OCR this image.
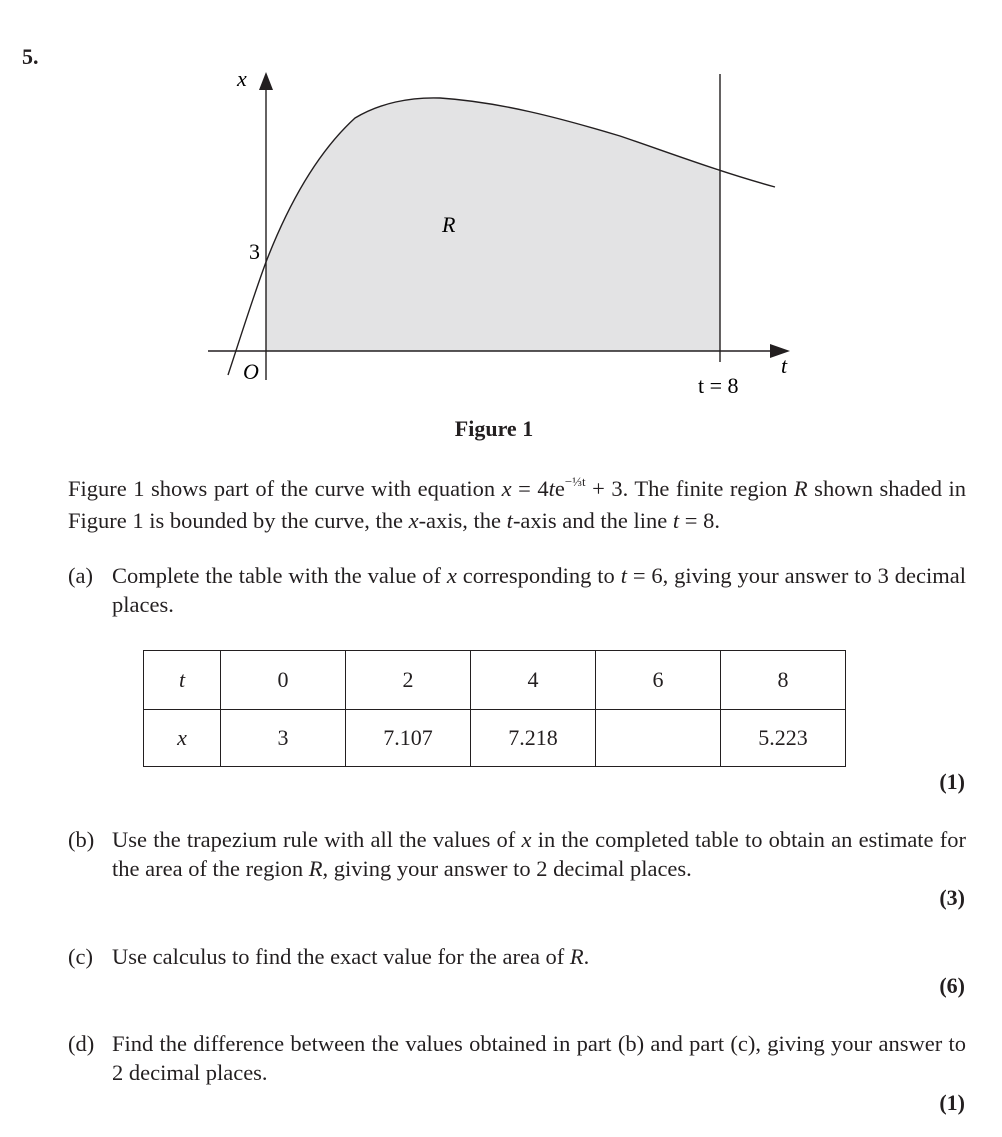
5.
x
t
O
3
R
t = 8
Figure 1
Figure 1 shows part of the curve with equation $x = 4te^{-\frac{1}{3}t} + 3$. The finite region R shown shaded in Figure 1 is bounded by the curve, the x-axis, the t-axis and the line t = 8.
(a) Complete the table with the value of x corresponding to t = 6, giving your answer to 3 decimal places.
t	0	2	4	6	8
x	3	7.107	7.218		5.223
(1)
(b) Use the trapezium rule with all the values of x in the completed table to obtain an estimate for the area of the region R, giving your answer to 2 decimal places.
(3)
(c) Use calculus to find the exact value for the area of R.
(6)
(d) Find the difference between the values obtained in part (b) and part (c), giving your answer to 2 decimal places.
(1)
